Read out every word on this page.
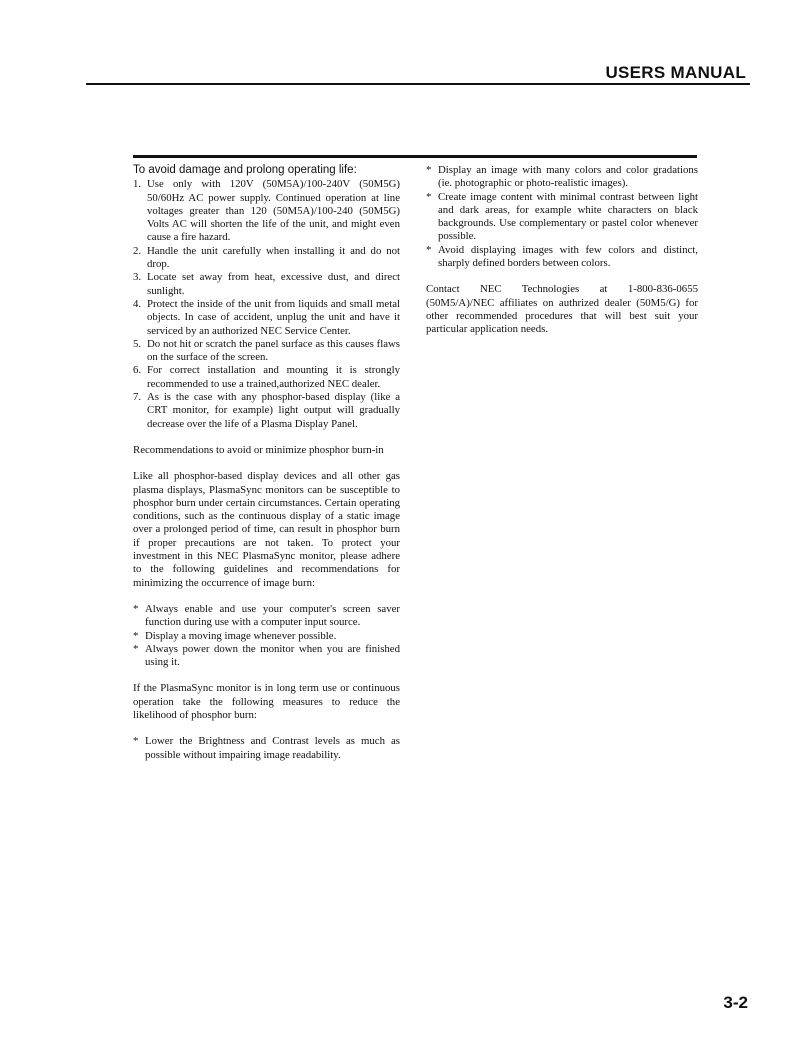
USERS MANUAL
To avoid damage and prolong operating life:
1. Use only with 120V (50M5A)/100-240V (50M5G) 50/60Hz AC power supply. Continued operation at line voltages greater than 120 (50M5A)/100-240 (50M5G) Volts AC will shorten the life of the unit, and might even cause a fire hazard.
2. Handle the unit carefully when installing it and do not drop.
3. Locate set away from heat, excessive dust, and direct sunlight.
4. Protect the inside of the unit from liquids and small metal objects. In case of accident, unplug the unit and have it serviced by an authorized NEC Service Center.
5. Do not hit or scratch the panel surface as this causes flaws on the surface of the screen.
6. For correct installation and mounting it is strongly recommended to use a trained,authorized NEC dealer.
7. As is the case with any phosphor-based display (like a CRT monitor, for example) light output will gradually decrease over the life of a Plasma Display Panel.

Recommendations to avoid or minimize phosphor burn-in

Like all phosphor-based display devices and all other gas plasma displays, PlasmaSync monitors can be susceptible to phosphor burn under certain circumstances. Certain operating conditions, such as the continuous display of a static image over a prolonged period of time, can result in phosphor burn if proper precautions are not taken. To protect your investment in this NEC PlasmaSync monitor, please adhere to the following guidelines and recommendations for minimizing the occurrence of image burn:

* Always enable and use your computer's screen saver function during use with a computer input source.
* Display a moving image whenever possible.
* Always power down the monitor when you are finished using it.

If the PlasmaSync monitor is in long term use or continuous operation take the following measures to reduce the likelihood of phosphor burn:

* Lower the Brightness and Contrast levels as much as possible without impairing image readability.
* Display an image with many colors and color gradations (ie. photographic or photo-realistic images).
* Create image content with minimal contrast between light and dark areas, for example white characters on black backgrounds. Use complementary or pastel color whenever possible.
* Avoid displaying images with few colors and distinct, sharply defined borders between colors.

Contact NEC Technologies at 1-800-836-0655 (50M5/A)/NEC affiliates on authrized dealer (50M5/G) for other recommended procedures that will best suit your particular application needs.

3-2
